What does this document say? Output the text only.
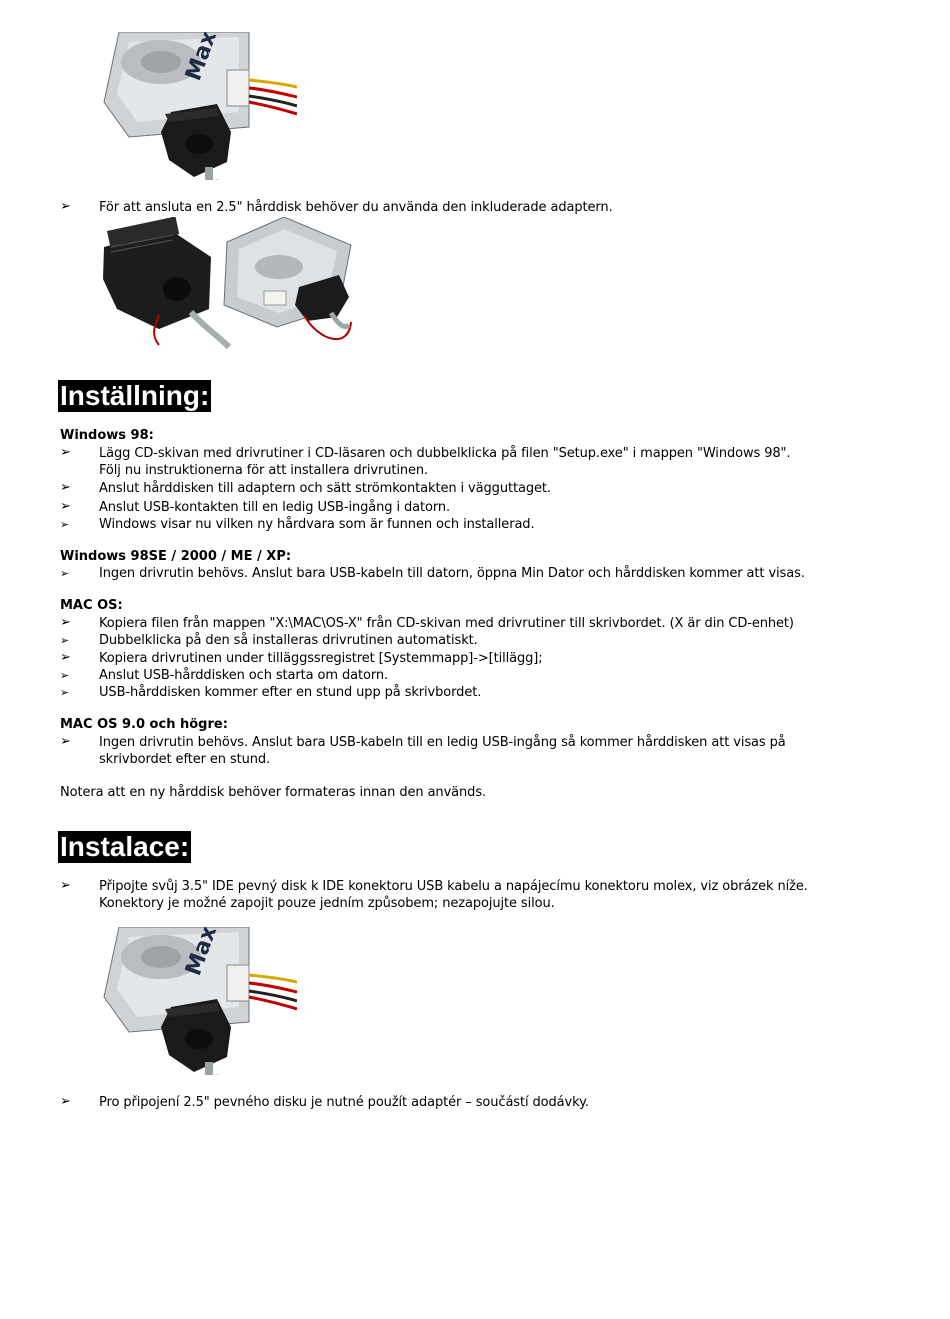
➢ För att ansluta en 2.5" hårddisk behöver du använda den inkluderade adaptern.
Inställning:
Windows 98:
➢ Lägg CD-skivan med drivrutiner i CD-läsaren och dubbelklicka på filen "Setup.exe" i mappen "Windows 98".
Följ nu instruktionerna för att installera drivrutinen.
➢ Anslut hårddisken till adaptern och sätt strömkontakten i vägguttaget.
➢ Anslut USB-kontakten till en ledig USB-ingång i datorn.
➢ Windows visar nu vilken ny hårdvara som är funnen och installerad.
Windows 98SE / 2000 / ME / XP:
➢ Ingen drivrutin behövs. Anslut bara USB-kabeln till datorn, öppna Min Dator och hårddisken kommer att visas.
MAC OS:
➢ Kopiera filen från mappen "X:\MAC\OS-X" från CD-skivan med drivrutiner till skrivbordet. (X är din CD-enhet)
➢ Dubbelklicka på den så installeras drivrutinen automatiskt.
➢ Kopiera drivrutinen under tilläggssregistret [Systemmapp]->[tillägg];
➢ Anslut USB-hårddisken och starta om datorn.
➢ USB-hårddisken kommer efter en stund upp på skrivbordet.
MAC OS 9.0 och högre:
➢ Ingen drivrutin behövs. Anslut bara USB-kabeln till en ledig USB-ingång så kommer hårddisken att visas på skrivbordet efter en stund.
Notera att en ny hårddisk behöver formateras innan den används.
Instalace:
➢ Připojte svůj 3.5" IDE pevný disk k IDE konektoru USB kabelu a napájecímu konektoru molex, viz obrázek níže. Konektory je možné zapojit pouze jedním způsobem; nezapojujte silou.
➢ Pro připojení 2.5" pevného disku je nutné použít adaptér – součástí dodávky.
